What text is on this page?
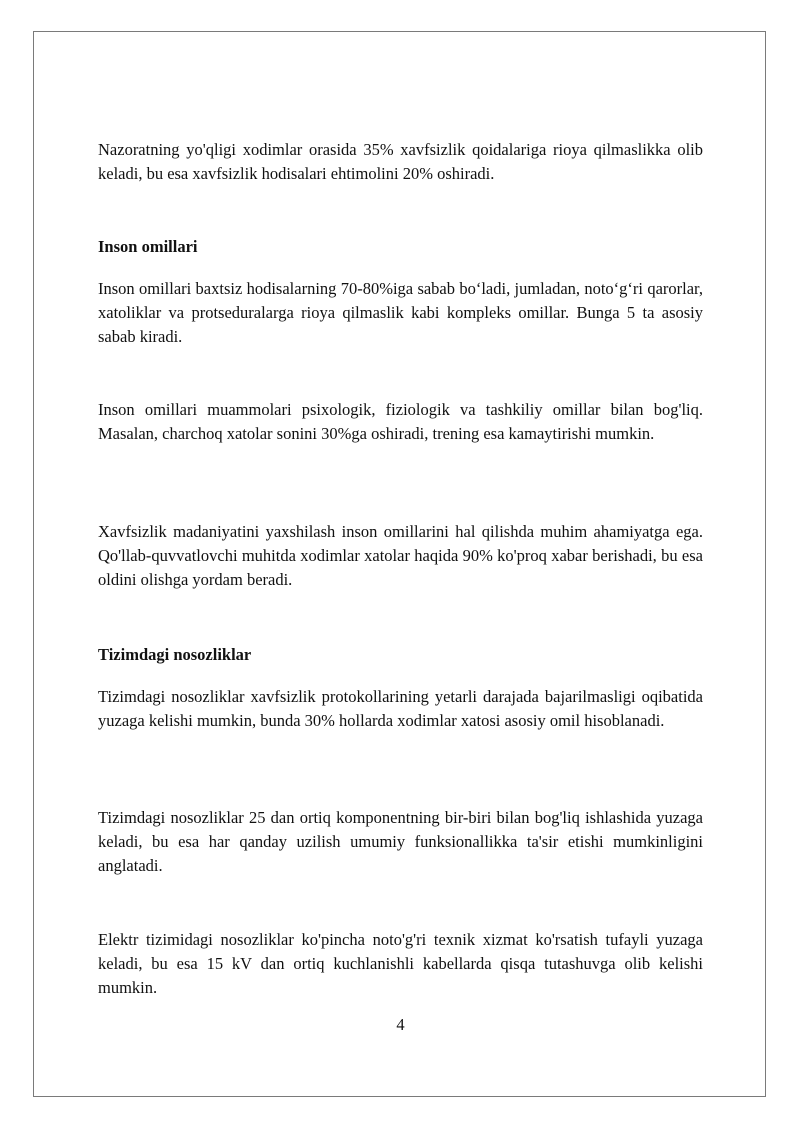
Nazoratning yo'qligi xodimlar orasida 35% xavfsizlik qoidalariga rioya qilmaslikka olib keladi, bu esa xavfsizlik hodisalari ehtimolini 20% oshiradi.

Inson omillari

Inson omillari baxtsiz hodisalarning 70-80%iga sabab bo‘ladi, jumladan, noto‘g‘ri qarorlar, xatoliklar va protseduralarga rioya qilmaslik kabi kompleks omillar. Bunga 5 ta asosiy sabab kiradi.

Inson omillari muammolari psixologik, fiziologik va tashkiliy omillar bilan bog'liq. Masalan, charchoq xatolar sonini 30%ga oshiradi, trening esa kamaytirishi mumkin.

Xavfsizlik madaniyatini yaxshilash inson omillarini hal qilishda muhim ahamiyatga ega. Qo'llab-quvvatlovchi muhitda xodimlar xatolar haqida 90% ko'proq xabar berishadi, bu esa oldini olishga yordam beradi.

Tizimdagi nosozliklar

Tizimdagi nosozliklar xavfsizlik protokollarining yetarli darajada bajarilmasligi oqibatida yuzaga kelishi mumkin, bunda 30% hollarda xodimlar xatosi asosiy omil hisoblanadi.

Tizimdagi nosozliklar 25 dan ortiq komponentning bir-biri bilan bog'liq ishlashida yuzaga keladi, bu esa har qanday uzilish umumiy funksionallikka ta'sir etishi mumkinligini anglatadi.

Elektr tizimidagi nosozliklar ko'pincha noto'g'ri texnik xizmat ko'rsatish tufayli yuzaga keladi, bu esa 15 kV dan ortiq kuchlanishli kabellarda qisqa tutashuvga olib kelishi mumkin.

4
